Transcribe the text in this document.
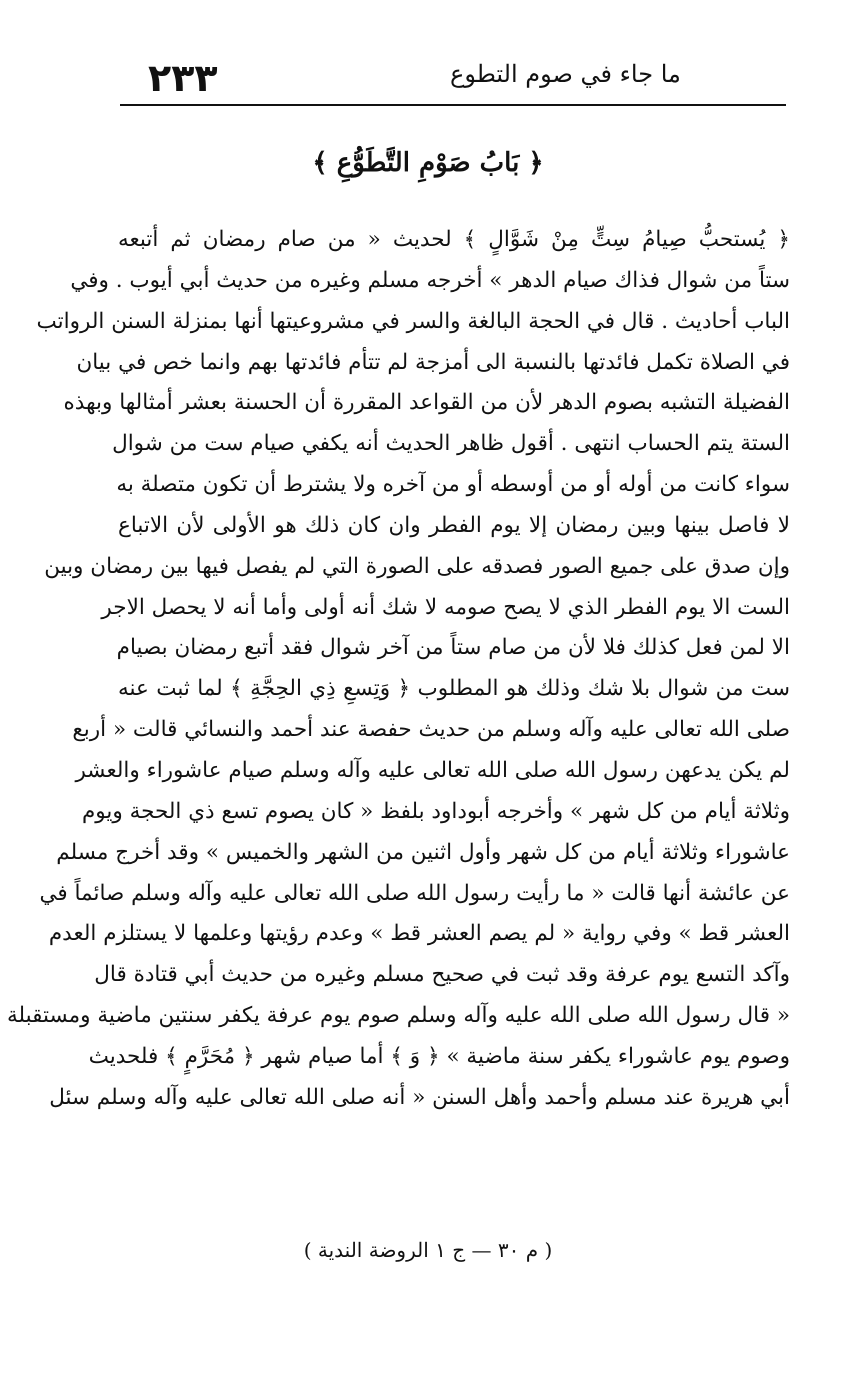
٢٣٣	ما جاء في صوم التطوع
﴿ بَابُ صَوْمِ التَّطَوُّعِ ﴾
﴿ يُستحبُّ صِيامُ سِتٍّ مِنْ شَوَّالٍ ﴾ لحديث « من صام رمضان ثم أتبعه
ستاً من شوال فذاك صيام الدهر » أخرجه مسلم وغيره من حديث أبي أيوب . وفي
الباب أحاديث . قال في الحجة البالغة والسر في مشروعيتها أنها بمنزلة السنن الرواتب
في الصلاة تكمل فائدتها بالنسبة الى أمزجة لم تتأم فائدتها بهم وانما خص في بيان
الفضيلة التشبه بصوم الدهر لأن من القواعد المقررة أن الحسنة بعشر أمثالها وبهذه
الستة يتم الحساب انتهى . أقول ظاهر الحديث أنه يكفي صيام ست من شوال
سواء كانت من أوله أو من أوسطه أو من آخره ولا يشترط أن تكون متصلة به
لا فاصل بينها وبين رمضان إلا يوم الفطر وان كان ذلك هو الأولى لأن الاتباع
وإن صدق على جميع الصور فصدقه على الصورة التي لم يفصل فيها بين رمضان وبين
الست الا يوم الفطر الذي لا يصح صومه لا شك أنه أولى وأما أنه لا يحصل الاجر
الا لمن فعل كذلك فلا لأن من صام ستاً من آخر شوال فقد أتبع رمضان بصيام
ست من شوال بلا شك وذلك هو المطلوب ﴿ وَتِسعِ ذِي الحِجَّةِ ﴾ لما ثبت عنه
صلى الله تعالى عليه وآله وسلم من حديث حفصة عند أحمد والنسائي قالت « أربع
لم يكن يدعهن رسول الله صلى الله تعالى عليه وآله وسلم صيام عاشوراء والعشر
وثلاثة أيام من كل شهر » وأخرجه أبوداود بلفظ « كان يصوم تسع ذي الحجة ويوم
عاشوراء وثلاثة أيام من كل شهر وأول اثنين من الشهر والخميس » وقد أخرج مسلم
عن عائشة أنها قالت « ما رأيت رسول الله صلى الله تعالى عليه وآله وسلم صائماً في
العشر قط » وفي رواية « لم يصم العشر قط » وعدم رؤيتها وعلمها لا يستلزم العدم
وآكد التسع يوم عرفة وقد ثبت في صحيح مسلم وغيره من حديث أبي قتادة قال
« قال رسول الله صلى الله عليه وآله وسلم صوم يوم عرفة يكفر سنتين ماضية ومستقبلة
وصوم يوم عاشوراء يكفر سنة ماضية » ﴿ وَ ﴾ أما صيام شهر ﴿ مُحَرَّمٍ ﴾ فلحديث
أبي هريرة عند مسلم وأحمد وأهل السنن « أنه صلى الله تعالى عليه وآله وسلم سئل
( م ٣٠ — ج ١ الروضة الندية )
